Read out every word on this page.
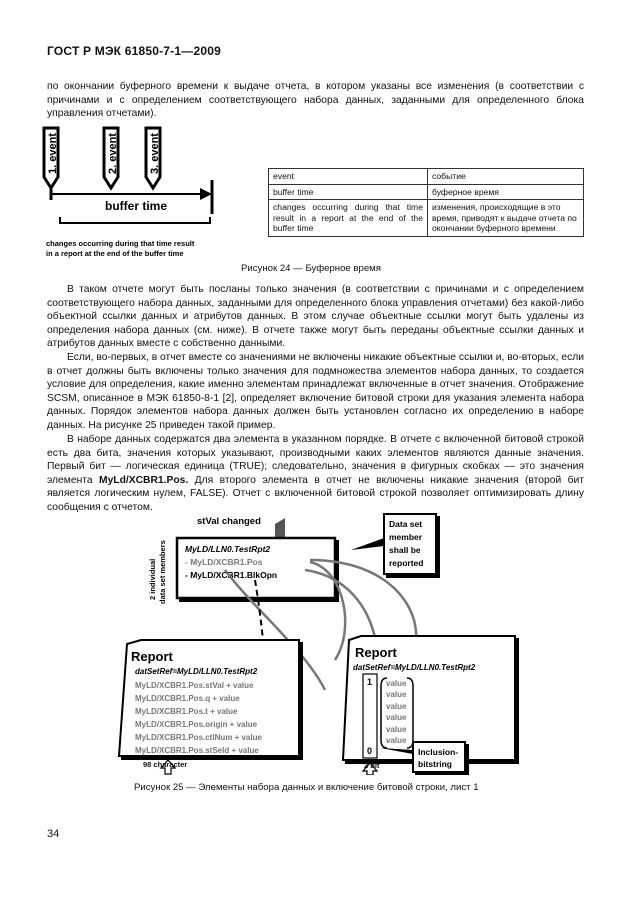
ГОСТ Р МЭК 61850-7-1—2009
по окончании буферного времени к выдаче отчета, в котором указаны все изменения (в соответствии с причинами и с определением соответствующего набора данных, заданными для определенного блока управления отчетами).
1. event	2. event	3. event
buffer time
changes occurring during that time result
in a report at the end of the buffer time
event	событие
buffer time	буферное время
changes occurring during that time result in a report at the end of the buffer time	изменения, происходящие в это время, приводят к выдаче отчета по окончании буферного времени
Рисунок 24 — Буферное время
В таком отчете могут быть посланы только значения (в соответствии с причинами и с определением соответствующего набора данных, заданными для определенного блока управления отчетами) без какой-либо объектной ссылки данных и атрибутов данных. В этом случае объектные ссылки могут быть удалены из определения набора данных (см. ниже). В отчете также могут быть переданы объектные ссылки данных и атрибутов данных вместе с собственно данными.
Если, во-первых, в отчет вместе со значениями не включены никакие объектные ссылки и, во-вторых, если в отчет должны быть включены только значения для подмножества элементов набора данных, то создается условие для определения, какие именно элементам принадлежат включенные в отчет значения. Отображение SCSM, описанное в МЭК 61850-8-1 [2], определяет включение битовой строки для указания элемента набора данных. Порядок элементов набора данных должен быть установлен согласно их определению в наборе данных. На рисунке 25 приведен такой пример.
В наборе данных содержатся два элемента в указанном порядке. В отчете с включенной битовой строкой есть два бита, значения которых указывают, производными каких элементов являются данные значения. Первый бит — логическая единица (TRUE); следовательно, значения в фигурных скобках — это значения элемента MyLd/XCBR1.Pos. Для второго элемента в отчет не включены никакие значения (второй бит является логическим нулем, FALSE). Отчет с включенной битовой строкой позволяет оптимизировать длину сообщения с отчетом.
stVal changed
MyLD/LLN0.TestRpt2
- MyLD/XCBR1.Pos
- MyLD/XCBR1.BlkOpn
2 individual data set members
Data set
member
shall be
reported
Report
datSetRef=MyLD/LLN0.TestRpt2
MyLD/XCBR1.Pos.stVal + value
MyLD/XCBR1.Pos.q + value
MyLD/XCBR1.Pos.t + value
MyLD/XCBR1.Pos.origin + value
MyLD/XCBR1.Pos.ctlNum + value
MyLD/XCBR1.Pos.stSeld + value
Report
datSetRef=MyLD/LLN0.TestRpt2
1
0
value
value
value
value
value
value
Inclusion-
bitstring
98 character	2 bit
Рисунок 25 — Элементы набора данных и включение битовой строки, лист 1
34
